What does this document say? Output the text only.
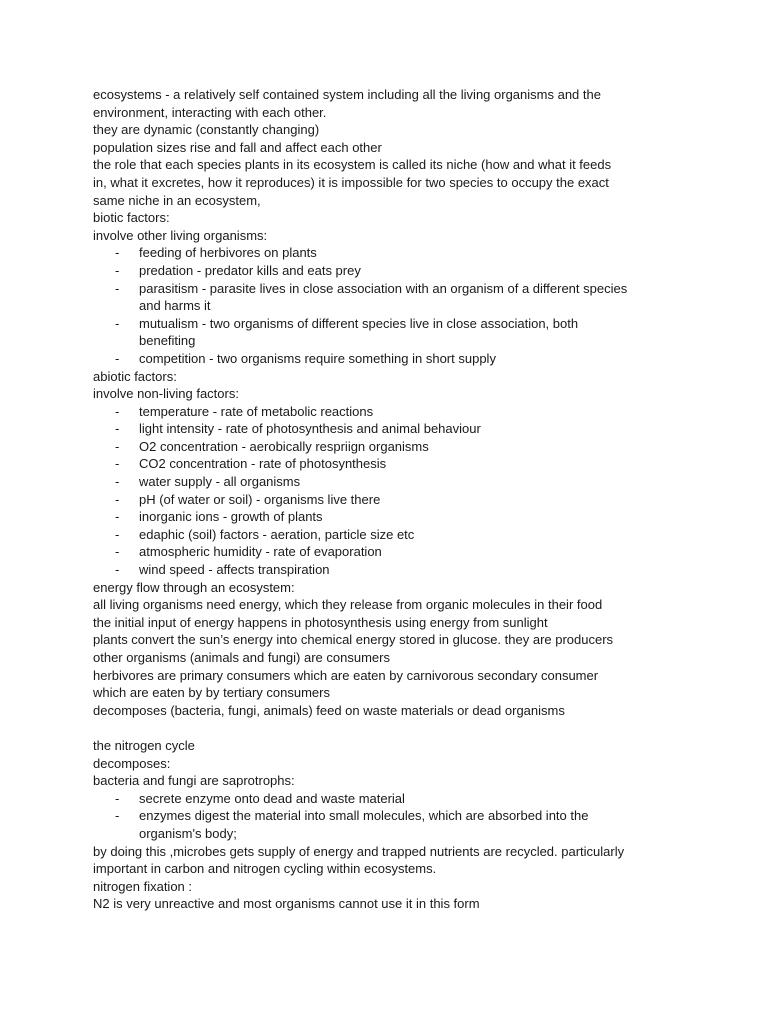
ecosystems - a relatively self contained system including all the living organisms and the
environment, interacting with each other.
they are dynamic (constantly changing)
population sizes rise and fall and affect each other
the role that each species plants in its ecosystem is called its niche (how and what it feeds
in, what it excretes, how it reproduces) it is impossible for two species to occupy the exact
same niche in an ecosystem,
biotic factors:
involve other living organisms:
- feeding of herbivores on plants
- predation - predator kills and eats prey
- parasitism - parasite lives in close association with an organism of a different species
and harms it
- mutualism - two organisms of different species live in close association, both
benefiting
- competition - two organisms require something in short supply
abiotic factors:
involve non-living factors:
- temperature - rate of metabolic reactions
- light intensity - rate of photosynthesis and animal behaviour
- O2 concentration - aerobically respriign organisms
- CO2 concentration - rate of photosynthesis
- water supply - all organisms
- pH (of water or soil) - organisms live there
- inorganic ions - growth of plants
- edaphic (soil) factors - aeration, particle size etc
- atmospheric humidity - rate of evaporation
- wind speed - affects transpiration
energy flow through an ecosystem:
all living organisms need energy, which they release from organic molecules in their food
the initial input of energy happens in photosynthesis using energy from sunlight
plants convert the sun’s energy into chemical energy stored in glucose. they are producers
other organisms (animals and fungi) are consumers
herbivores are primary consumers which are eaten by carnivorous secondary consumer
which are eaten by by tertiary consumers
decomposes (bacteria, fungi, animals) feed on waste materials or dead organisms
the nitrogen cycle
decomposes:
bacteria and fungi are saprotrophs:
- secrete enzyme onto dead and waste material
- enzymes digest the material into small molecules, which are absorbed into the
organism's body;
by doing this ,microbes gets supply of energy and trapped nutrients are recycled. particularly
important in carbon and nitrogen cycling within ecosystems.
nitrogen fixation :
N2 is very unreactive and most organisms cannot use it in this form
